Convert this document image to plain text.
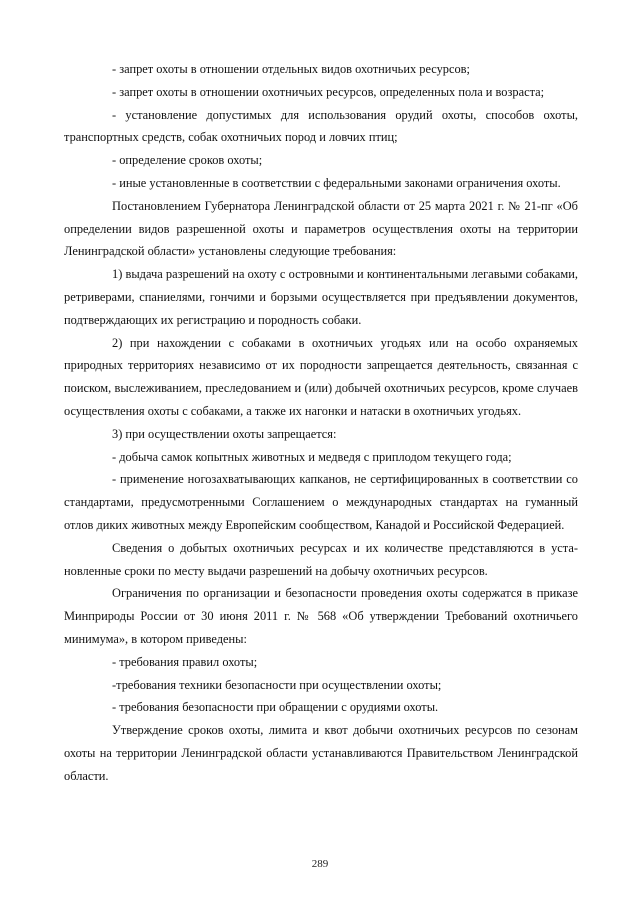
- запрет охоты в отношении отдельных видов охотничьих ресурсов;

- запрет охоты в отношении охотничьих ресурсов, определенных пола и возраста;

- установление допустимых для использования орудий охоты, способов охоты, транспортных средств, собак охотничьих пород и ловчих птиц;

- определение сроков охоты;

- иные установленные в соответствии с федеральными законами ограничения охоты.

Постановлением Губернатора Ленинградской области от 25 марта 2021 г. № 21-пг «Об определении видов разрешенной охоты и параметров осуществления охоты на территории Ленинградской области» установлены следующие требования:

1) выдача разрешений на охоту с островными и континентальными легавыми собаками, ретриверами, спаниелями, гончими и борзыми осуществляется при предъявлении документов, подтверждающих их регистрацию и породность собаки.

2) при нахождении с собаками в охотничьих угодьях или на особо охраняемых природных территориях независимо от их породности запрещается деятельность, связанная с поиском, выслеживанием, преследованием и (или) добычей охотничьих ресурсов, кроме случаев осуществления охоты с собаками, а также их нагонки и натаски в охотничьих угодьях.

3) при осуществлении охоты запрещается:

- добыча самок копытных животных и медведя с приплодом текущего года;

- применение ногозахватывающих капканов, не сертифицированных в соответствии со стандартами, предусмотренными Соглашением о международных стандартах на гуманный отлов диких животных между Европейским сообществом, Канадой и Российской Федерацией.

Сведения о добытых охотничьих ресурсах и их количестве представляются в установленные сроки по месту выдачи разрешений на добычу охотничьих ресурсов.

Ограничения по организации и безопасности проведения охоты содержатся в приказе Минприроды России от 30 июня 2011 г. № 568 «Об утверждении Требований охотничьего минимума», в котором приведены:

- требования правил охоты;

-требования техники безопасности при осуществлении охоты;

- требования безопасности при обращении с орудиями охоты.

Утверждение сроков охоты, лимита и квот добычи охотничьих ресурсов по сезонам охоты на территории Ленинградской области устанавливаются Правительством Ленинградской области.

289
